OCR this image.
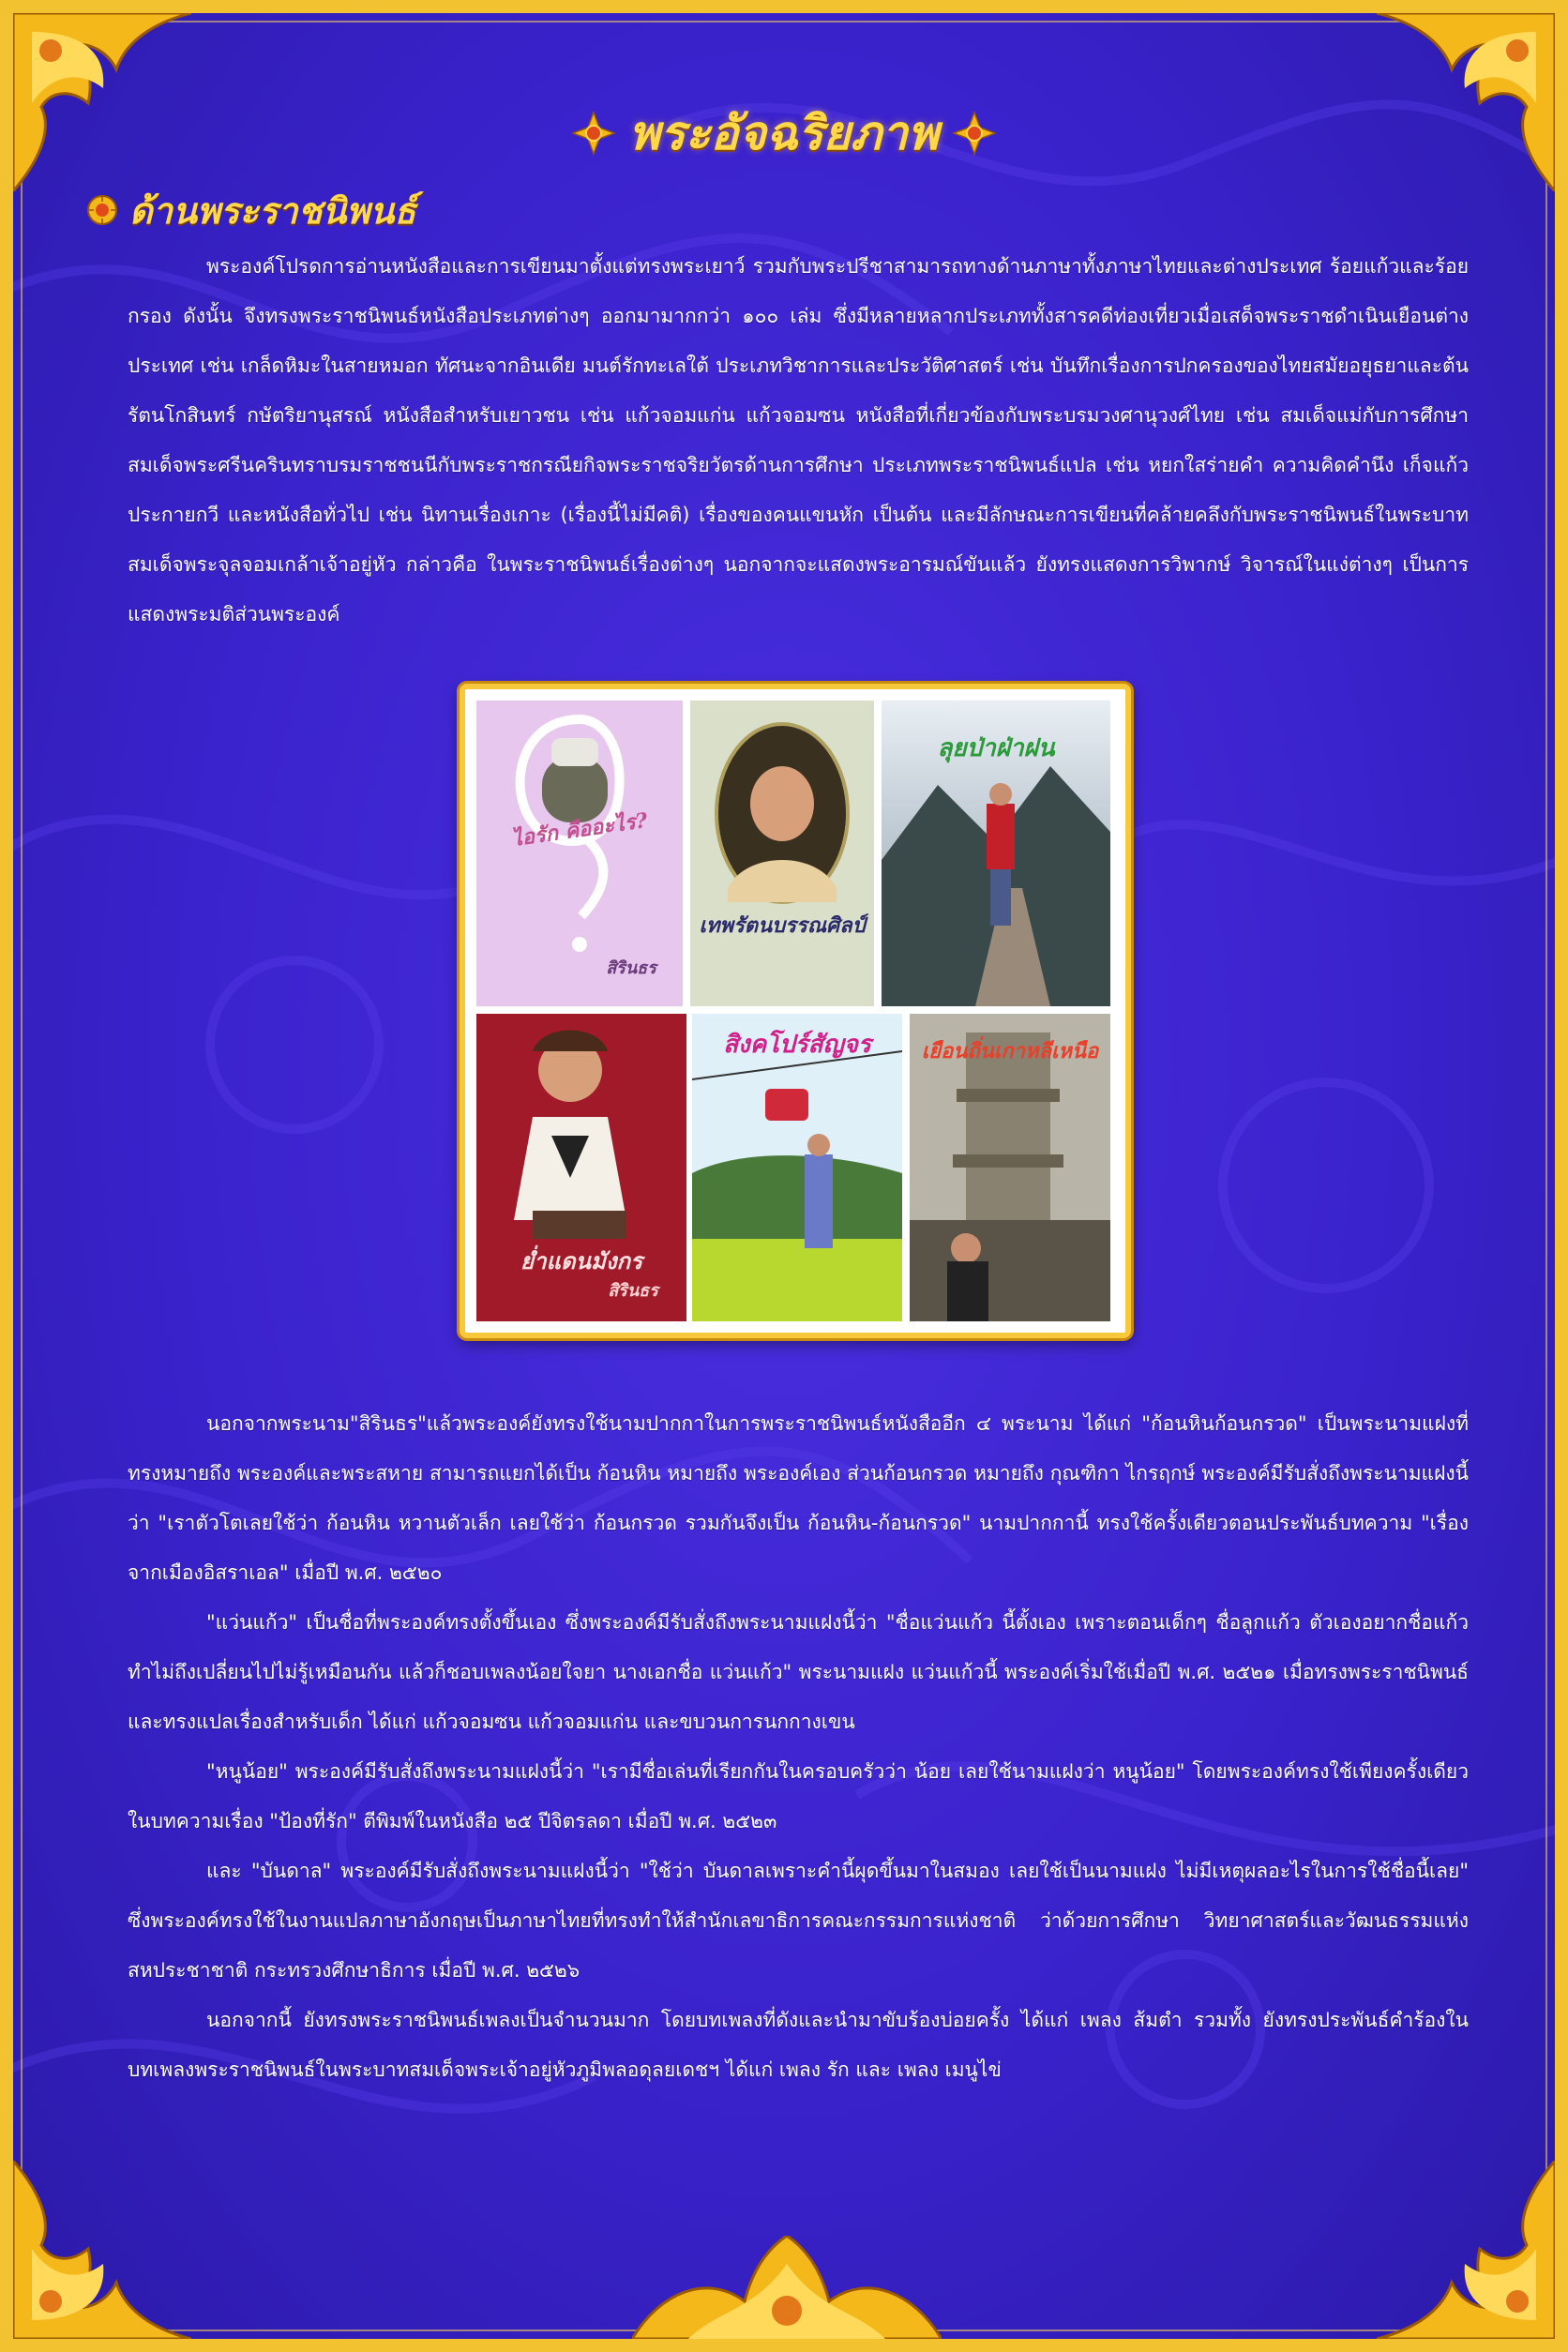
พระอัจฉริยภาพ
ด้านพระราชนิพนธ์
พระองค์โปรดการอ่านหนังสือและการเขียนมาตั้งแต่ทรงพระเยาว์ รวมกับพระปรีชาสามารถทางด้านภาษาทั้งภาษาไทยและต่างประเทศ ร้อยแก้วและร้อยกรอง ดังนั้น จึงทรงพระราชนิพนธ์หนังสือประเภทต่างๆ ออกมามากกว่า ๑๐๐ เล่ม ซึ่งมีหลายหลากประเภททั้งสารคดีท่องเที่ยวเมื่อเสด็จพระราชดำเนินเยือนต่างประเทศ เช่น เกล็ดหิมะในสายหมอก ทัศนะจากอินเดีย มนต์รักทะเลใต้ ประเภทวิชาการและประวัติศาสตร์ เช่น บันทึกเรื่องการปกครองของไทยสมัยอยุธยาและต้นรัตนโกสินทร์ กษัตริยานุสรณ์ หนังสือสำหรับเยาวชน เช่น แก้วจอมแก่น แก้วจอมซน หนังสือที่เกี่ยวข้องกับพระบรมวงศานุวงศ์ไทย เช่น สมเด็จแม่กับการศึกษา สมเด็จพระศรีนครินทราบรมราชชนนีกับพระราชกรณียกิจพระราชจริยวัตรด้านการศึกษา ประเภทพระราชนิพนธ์แปล เช่น หยกใสร่ายคำ ความคิดคำนึง เก็จแก้วประกายกวี และหนังสือทั่วไป เช่น นิทานเรื่องเกาะ (เรื่องนี้ไม่มีคติ) เรื่องของคนแขนหัก เป็นต้น และมีลักษณะการเขียนที่คล้ายคลึงกับพระราชนิพนธ์ในพระบาทสมเด็จพระจุลจอมเกล้าเจ้าอยู่หัว กล่าวคือ ในพระราชนิพนธ์เรื่องต่างๆ นอกจากจะแสดงพระอารมณ์ขันแล้ว ยังทรงแสดงการวิพากษ์ วิจารณ์ในแง่ต่างๆ เป็นการแสดงพระมติส่วนพระองค์
ไอรัก คืออะไร?
สิรินธร
เทพรัตนบรรณศิลป์
ลุยป่าฝ่าฝน
ย่ำแดนมังกร
สิรินธร
สิงคโปร์สัญจร	เยือนถิ่นเกาหลีเหนือ
นอกจากพระนาม"สิรินธร"แล้วพระองค์ยังทรงใช้นามปากกาในการพระราชนิพนธ์หนังสืออีก ๔ พระนาม ได้แก่ "ก้อนหินก้อนกรวด" เป็นพระนามแฝงที่ทรงหมายถึง พระองค์และพระสหาย สามารถแยกได้เป็น ก้อนหิน หมายถึง พระองค์เอง ส่วนก้อนกรวด หมายถึง กุณฑิกา ไกรฤกษ์ พระองค์มีรับสั่งถึงพระนามแฝงนี้ว่า "เราตัวโตเลยใช้ว่า ก้อนหิน หวานตัวเล็ก เลยใช้ว่า ก้อนกรวด รวมกันจึงเป็น ก้อนหิน-ก้อนกรวด" นามปากกานี้ ทรงใช้ครั้งเดียวตอนประพันธ์บทความ "เรื่องจากเมืองอิสราเอล" เมื่อปี พ.ศ. ๒๕๒๐
"แว่นแก้ว" เป็นชื่อที่พระองค์ทรงตั้งขึ้นเอง ซึ่งพระองค์มีรับสั่งถึงพระนามแฝงนี้ว่า "ชื่อแว่นแก้ว นี้ตั้งเอง เพราะตอนเด็กๆ ชื่อลูกแก้ว ตัวเองอยากชื่อแก้ว ทำไม่ถึงเปลี่ยนไปไม่รู้เหมือนกัน แล้วก็ชอบเพลงน้อยใจยา นางเอกชื่อ แว่นแก้ว" พระนามแฝง แว่นแก้วนี้ พระองค์เริ่มใช้เมื่อปี พ.ศ. ๒๕๒๑ เมื่อทรงพระราชนิพนธ์และทรงแปลเรื่องสำหรับเด็ก ได้แก่ แก้วจอมซน แก้วจอมแก่น และขบวนการนกกางเขน
"หนูน้อย" พระองค์มีรับสั่งถึงพระนามแฝงนี้ว่า "เรามีชื่อเล่นที่เรียกกันในครอบครัวว่า น้อย เลยใช้นามแฝงว่า หนูน้อย" โดยพระองค์ทรงใช้เพียงครั้งเดียว ในบทความเรื่อง "ป้องที่รัก" ตีพิมพ์ในหนังสือ ๒๕ ปีจิตรลดา เมื่อปี พ.ศ. ๒๕๒๓
และ "บันดาล" พระองค์มีรับสั่งถึงพระนามแฝงนี้ว่า "ใช้ว่า บันดาลเพราะคำนี้ผุดขึ้นมาในสมอง เลยใช้เป็นนามแฝง ไม่มีเหตุผลอะไรในการใช้ชื่อนี้เลย" ซึ่งพระองค์ทรงใช้ในงานแปลภาษาอังกฤษเป็นภาษาไทยที่ทรงทำให้สำนักเลขาธิการคณะกรรมการแห่งชาติ ว่าด้วยการศึกษา วิทยาศาสตร์และวัฒนธรรมแห่งสหประชาชาติ กระทรวงศึกษาธิการ เมื่อปี พ.ศ. ๒๕๒๖
นอกจากนี้ ยังทรงพระราชนิพนธ์เพลงเป็นจำนวนมาก โดยบทเพลงที่ดังและนำมาขับร้องบ่อยครั้ง ได้แก่ เพลง ส้มตำ รวมทั้ง ยังทรงประพันธ์คำร้องในบทเพลงพระราชนิพนธ์ในพระบาทสมเด็จพระเจ้าอยู่หัวภูมิพลอดุลยเดชฯ ได้แก่ เพลง รัก และ เพลง เมนูไข่
